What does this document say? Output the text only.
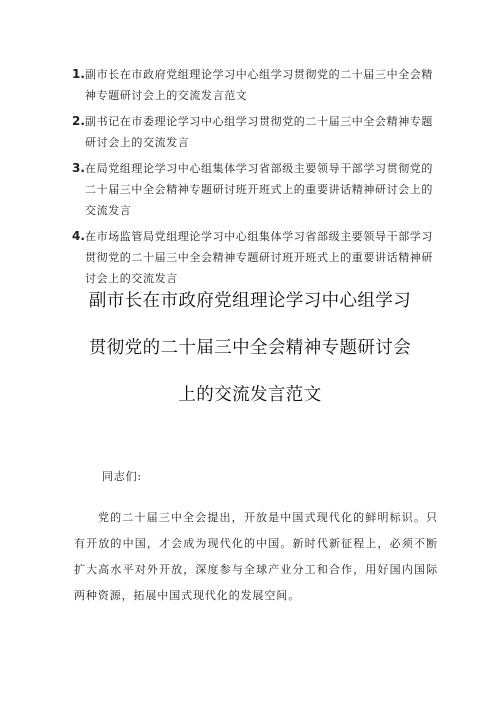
1. 副市长在市政府党组理论学习中心组学习贯彻党的二十届三中全会精神专题研讨会上的交流发言范文
2. 副书记在市委理论学习中心组学习贯彻党的二十届三中全会精神专题研讨会上的交流发言
3. 在局党组理论学习中心组集体学习省部级主要领导干部学习贯彻党的二十届三中全会精神专题研讨班开班式上的重要讲话精神研讨会上的交流发言
4. 在市场监管局党组理论学习中心组集体学习省部级主要领导干部学习贯彻党的二十届三中全会精神专题研讨班开班式上的重要讲话精神研讨会上的交流发言
副市长在市政府党组理论学习中心组学习
贯彻党的二十届三中全会精神专题研讨会
上的交流发言范文
同志们:
党的二十届三中全会提出，开放是中国式现代化的鲜明标识。只有开放的中国，才会成为现代化的中国。新时代新征程上，必须不断扩大高水平对外开放，深度参与全球产业分工和合作，用好国内国际两种资源，拓展中国式现代化的发展空间。
